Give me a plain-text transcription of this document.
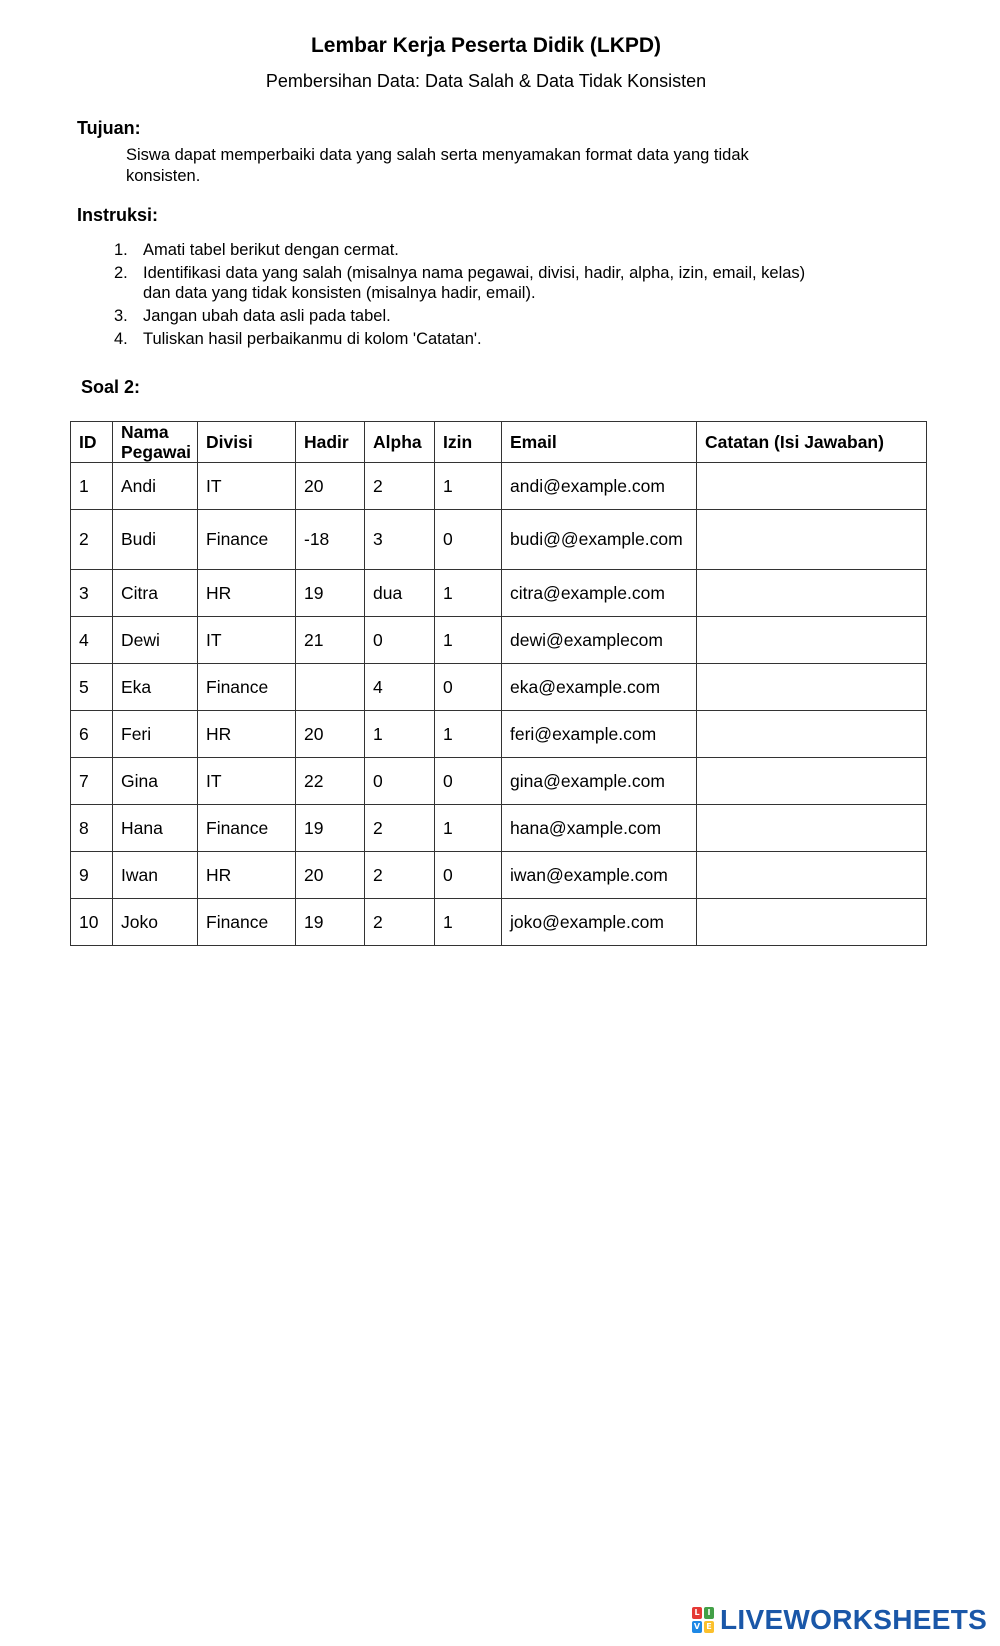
Lembar Kerja Peserta Didik (LKPD)
Pembersihan Data: Data Salah & Data Tidak Konsisten
Tujuan:
Siswa dapat memperbaiki data yang salah serta menyamakan format data yang tidak konsisten.
Instruksi:
1. Amati tabel berikut dengan cermat.
2. Identifikasi data yang salah (misalnya nama pegawai, divisi, hadir, alpha, izin, email, kelas) dan data yang tidak konsisten (misalnya hadir, email).
3. Jangan ubah data asli pada tabel.
4. Tuliskan hasil perbaikanmu di kolom 'Catatan'.
Soal 2:
ID	Nama Pegawai	Divisi	Hadir	Alpha	Izin	Email	Catatan (Isi Jawaban)
1	Andi	IT	20	2	1	andi@example.com	
2	Budi	Finance	-18	3	0	budi@@example.com	
3	Citra	HR	19	dua	1	citra@example.com	
4	Dewi	IT	21	0	1	dewi@examplecom	
5	Eka	Finance		4	0	eka@example.com	
6	Feri	HR	20	1	1	feri@example.com	
7	Gina	IT	22	0	0	gina@example.com	
8	Hana	Finance	19	2	1	hana@xample.com	
9	Iwan	HR	20	2	0	iwan@example.com	
10	Joko	Finance	19	2	1	joko@example.com	
L I
V E LIVEWORKSHEETS
